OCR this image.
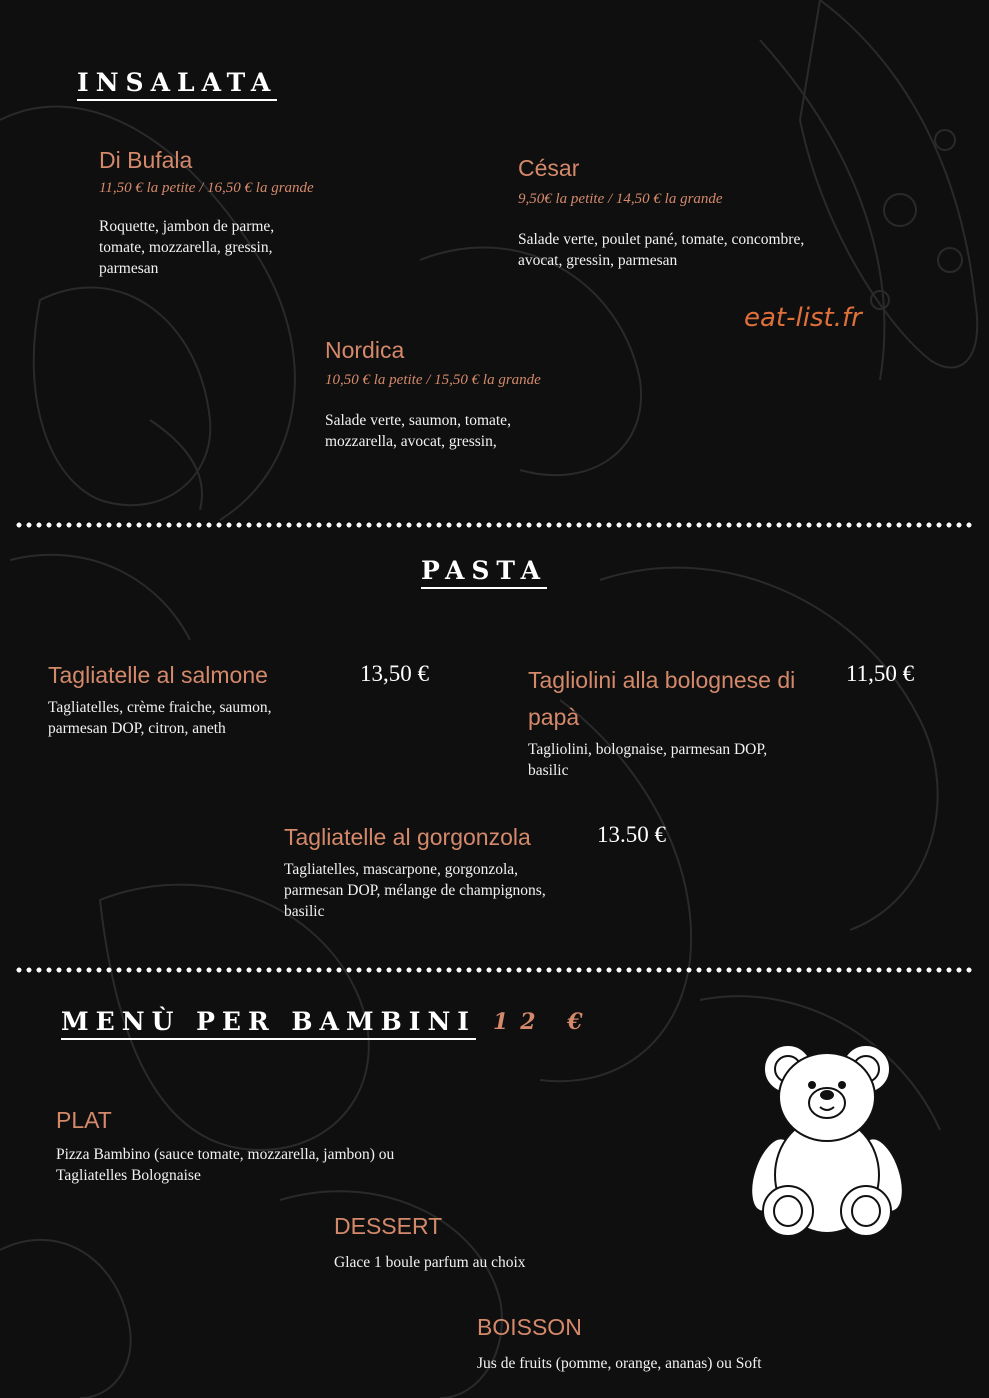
INSALATA
Di Bufala
11,50 € la petite / 16,50 € la grande
Roquette, jambon de parme, tomate, mozzarella, gressin, parmesan
César
9,50€ la petite / 14,50 € la grande
Salade verte, poulet pané, tomate, concombre, avocat, gressin, parmesan
eat-list.fr
Nordica
10,50 € la petite / 15,50 € la grande
Salade verte, saumon, tomate, mozzarella, avocat, gressin,
PASTA
Tagliatelle al salmone
Tagliatelles, crème fraiche, saumon, parmesan DOP, citron, aneth
13,50 €	Tagliolini alla bolognese di papà
Tagliolini, bolognaise, parmesan DOP, basilic
11,50 €
Tagliatelle al gorgonzola
Tagliatelles, mascarpone, gorgonzola, parmesan DOP, mélange de champignons, basilic
13.50 €
MENÙ PER BAMBINI 12 €
PLAT
Pizza Bambino (sauce tomate, mozzarella, jambon) ou Tagliatelles Bolognaise
DESSERT
Glace 1 boule parfum au choix
BOISSON
Jus de fruits (pomme, orange, ananas) ou Soft
